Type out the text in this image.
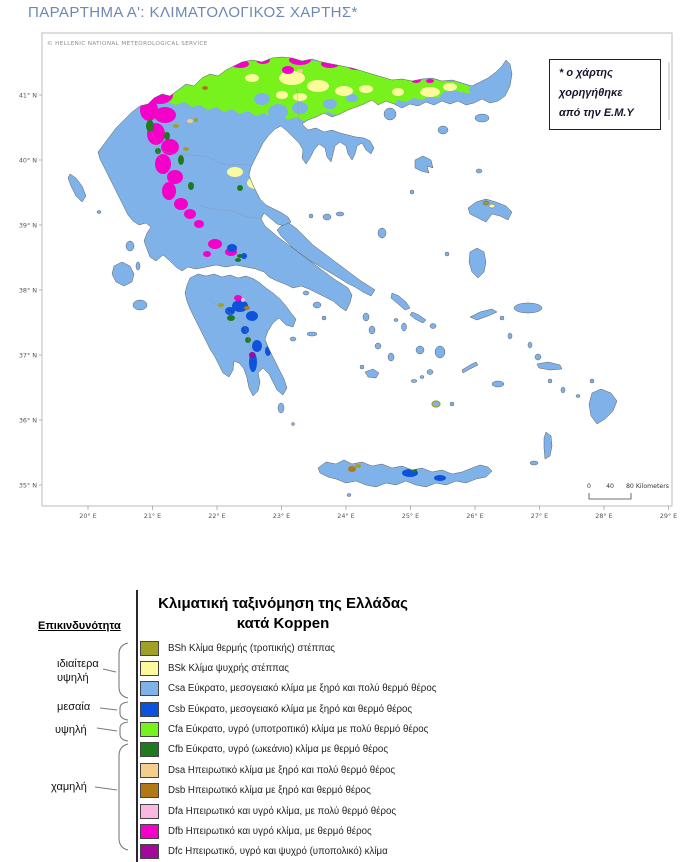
ΠΑΡΑΡΤΗΜΑ Α': ΚΛΙΜΑΤΟΛΟΓΙΚΟΣ ΧΑΡΤΗΣ*
© HELLENIC NATIONAL METEOROLOGICAL SERVICE
41° N
40° N
39° N
38° N
37° N
36° N
35° N
20° E	21° E	22° E	23° E	24° E	25° E	26° E	27° E	28° E	29° E
0 40 80 Kilometers
* ο χάρτης
χορηγήθηκε
από την Ε.Μ.Υ
Κλιματική ταξινόμηση της Ελλάδας
κατά Koppen
BSh Κλίμα θερμής (τροπικής) στέππας
BSk Κλίμα ψυχρής στέππας
Csa Εύκρατο, μεσογειακό κλίμα με ξηρό και πολύ θερμό θέρος
Csb Εύκρατο, μεσογειακό κλίμα με ξηρό και θερμό θέρος
Cfa Εύκρατο, υγρό (υποτροπικό) κλίμα με πολύ θερμό θέρος
Cfb Εύκρατο, υγρό (ωκεάνιο) κλίμα με θερμό θέρος
Dsa Ηπειρωτικό κλίμα με ξηρό και πολύ θερμό θέρος
Dsb Ηπειρωτικό κλίμα με ξηρό και θερμό θέρος
Dfa Ηπειρωτικό και υγρό κλίμα, με πολύ θερμό θέρος
Dfb Ηπειρωτικό και υγρό κλίμα, με θερμό θέρος
Dfc Ηπειρωτικό, υγρό και ψυχρό (υποπολικό) κλίμα
Επικινδυνότητα
ιδιαίτερα υψηλή
μεσαία
υψηλή
χαμηλή
